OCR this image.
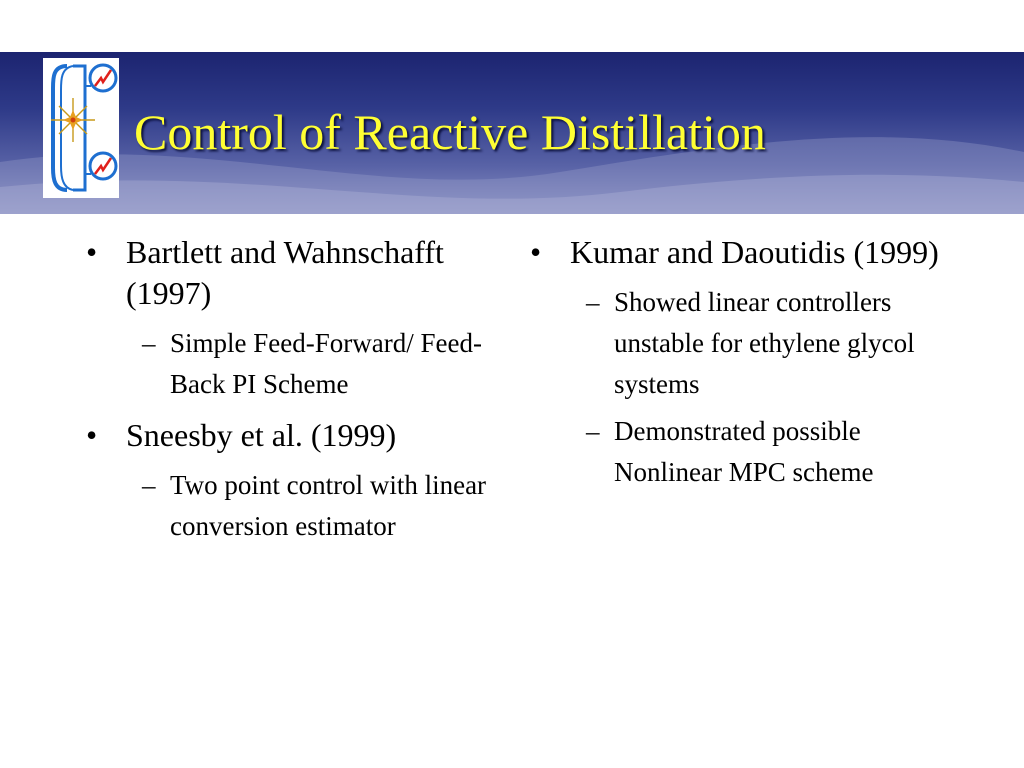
Control of Reactive Distillation
• Bartlett and Wahnschafft (1997)
– Simple Feed-Forward/ Feed-Back PI Scheme
• Sneesby et al. (1999)
– Two point control with linear conversion estimator
• Kumar and Daoutidis (1999)
– Showed linear controllers unstable for ethylene glycol systems
– Demonstrated possible Nonlinear MPC scheme
